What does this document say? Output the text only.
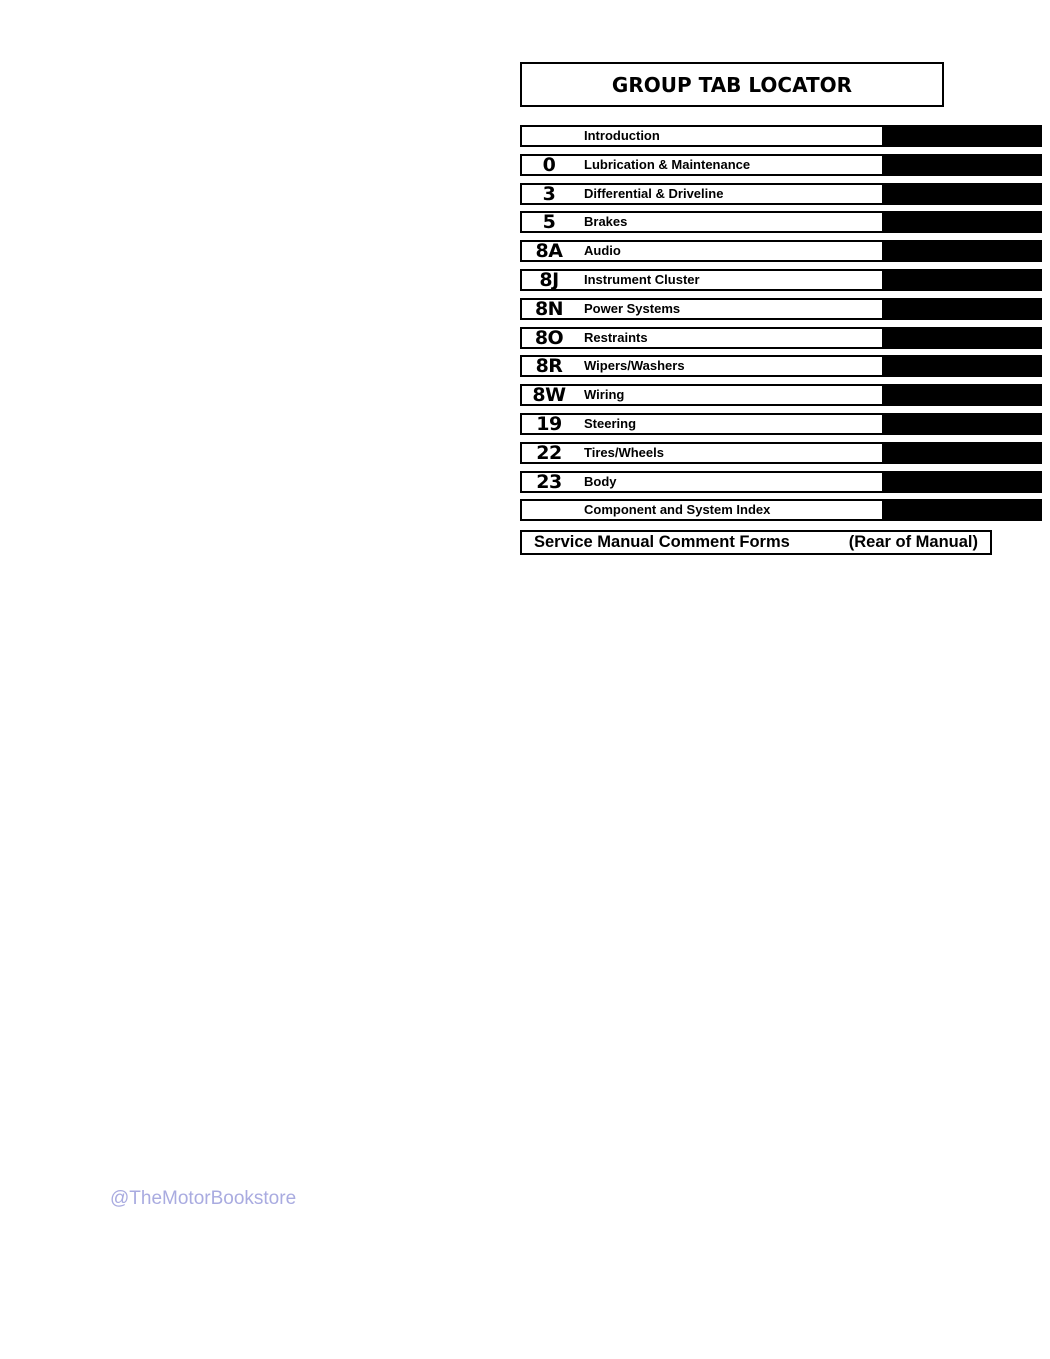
GROUP TAB LOCATOR
Introduction
0	Lubrication & Maintenance
3	Differential & Driveline
5	Brakes
8A	Audio
8J	Instrument Cluster
8N	Power Systems
8O	Restraints
8R	Wipers/Washers
8W	Wiring
19	Steering
22	Tires/Wheels
23	Body
Component and System Index
Service Manual Comment Forms	(Rear of Manual)
@TheMotorBookstore
